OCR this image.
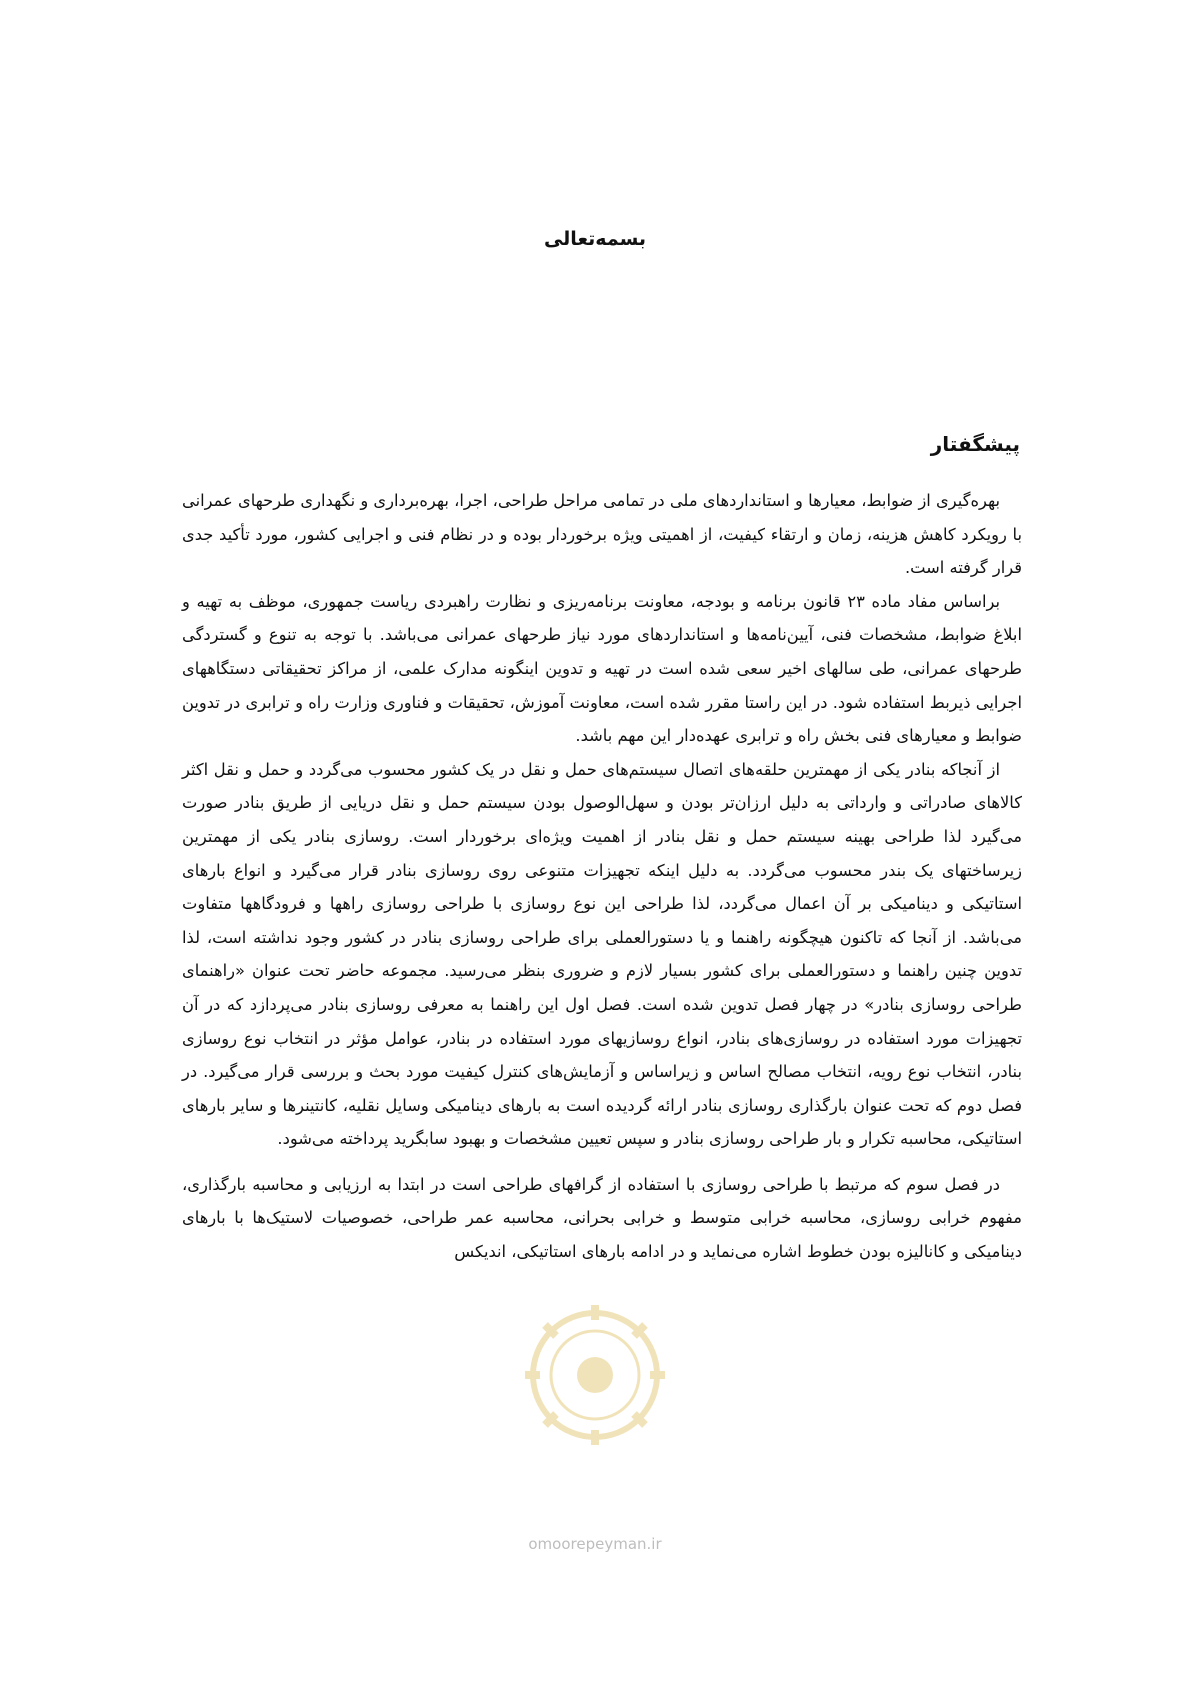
بسمه‌تعالی
پیشگفتار

بهره‌گیری از ضوابط، معیارها و استانداردهای ملی در تمامی مراحل طراحی، اجرا، بهره‌برداری و نگهداری طرحهای عمرانی با رویکرد کاهش هزینه، زمان و ارتقاء کیفیت، از اهمیتی ویژه برخوردار بوده و در نظام فنی و اجرایی کشور، مورد تأکید جدی قرار گرفته است.

براساس مفاد ماده ۲۳ قانون برنامه و بودجه، معاونت برنامه‌ریزی و نظارت راهبردی ریاست جمهوری، موظف به تهیه و ابلاغ ضوابط، مشخصات فنی، آیین‌نامه‌ها و استانداردهای مورد نیاز طرحهای عمرانی می‌باشد. با توجه به تنوع و گستردگی طرحهای عمرانی، طی سالهای اخیر سعی شده است در تهیه و تدوین اینگونه مدارک علمی، از مراکز تحقیقاتی دستگاههای اجرایی ذیربط استفاده شود. در این راستا مقرر شده است، معاونت آموزش، تحقیقات و فناوری وزارت راه و ترابری در تدوین ضوابط و معیارهای فنی بخش راه و ترابری عهده‌دار این مهم باشد.

از آنجاکه بنادر یکی از مهمترین حلقه‌های اتصال سیستم‌های حمل و نقل در یک کشور محسوب می‌گردد و حمل و نقل اکثر کالاهای صادراتی و وارداتی به دلیل ارزان‌تر بودن و سهل‌الوصول بودن سیستم حمل و نقل دریایی از طریق بنادر صورت می‌گیرد لذا طراحی بهینه سیستم حمل و نقل بنادر از اهمیت ویژه‌ای برخوردار است. روسازی بنادر یکی از مهمترین زیرساختهای یک بندر محسوب می‌گردد. به دلیل اینکه تجهیزات متنوعی روی روسازی بنادر قرار می‌گیرد و انواع بارهای استاتیکی و دینامیکی بر آن اعمال می‌گردد، لذا طراحی این نوع روسازی با طراحی روسازی راهها و فرودگاهها متفاوت می‌باشد. از آنجا که تاکنون هیچگونه راهنما و یا دستورالعملی برای طراحی روسازی بنادر در کشور وجود نداشته است، لذا تدوین چنین راهنما و دستورالعملی برای کشور بسیار لازم و ضروری بنظر می‌رسید. مجموعه حاضر تحت عنوان «راهنمای طراحی روسازی بنادر» در چهار فصل تدوین شده است. فصل اول این راهنما به معرفی روسازی بنادر می‌پردازد که در آن تجهیزات مورد استفاده در روسازی‌های بنادر، انواع روسازیهای مورد استفاده در بنادر، عوامل مؤثر در انتخاب نوع روسازی بنادر، انتخاب نوع رویه، انتخاب مصالح اساس و زیراساس و آزمایش‌های کنترل کیفیت مورد بحث و بررسی قرار می‌گیرد. در فصل دوم که تحت عنوان بارگذاری روسازی بنادر ارائه گردیده است به بارهای دینامیکی وسایل نقلیه، کانتینرها و سایر بارهای استاتیکی، محاسبه تکرار و بار طراحی روسازی بنادر و سپس تعیین مشخصات و بهبود سابگرید پرداخته می‌شود.

در فصل سوم که مرتبط با طراحی روسازی با استفاده از گرافهای طراحی است در ابتدا به ارزیابی و محاسبه بارگذاری، مفهوم خرابی روسازی، محاسبه خرابی متوسط و خرابی بحرانی، محاسبه عمر طراحی، خصوصیات لاستیک‌ها با بارهای دینامیکی و کانالیزه بودن خطوط اشاره می‌نماید و در ادامه بارهای استاتیکی، اندیکس

omoorepeyman.ir
